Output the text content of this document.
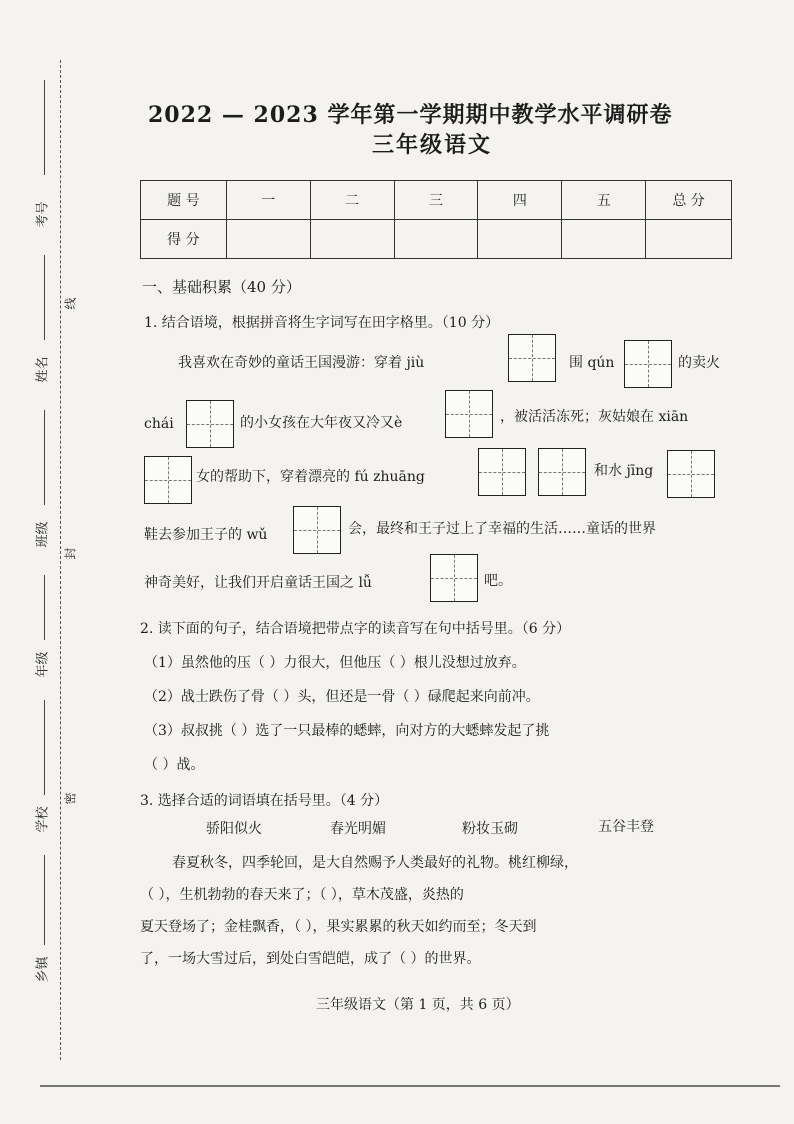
考号
姓名
班级
年级
学校
乡镇
线
封
密
2022 — 2023 学年第一学期期中教学水平调研卷
三年级语文
题 号	一	二	三	四	五	总 分
得 分						
一、基础积累（40 分）
1. 结合语境，根据拼音将生字词写在田字格里。（10 分）
我喜欢在奇妙的童话王国漫游：穿着 jiù	围 qún	的卖火
chái	的小女孩在大年夜又冷又è	，被活活冻死；灰姑娘在 xiān
女的帮助下，穿着漂亮的 fú zhuāng	和水 jīng
鞋去参加王子的 wǔ	会，最终和王子过上了幸福的生活……童话的世界
神奇美好，让我们开启童话王国之 lǚ	吧。
2. 读下面的句子，结合语境把带点字的读音写在句中括号里。（6 分）
（1）虽然他的压（ ）力很大，但他压（ ）根儿没想过放弃。
（2）战士跌伤了骨（ ）头，但还是一骨（ ）碌爬起来向前冲。
（3）叔叔挑（ ）选了一只最棒的蟋蟀，向对方的大蟋蟀发起了挑
（ ）战。
3. 选择合适的词语填在括号里。（4 分）
骄阳似火	春光明媚	粉妆玉砌	五谷丰登
春夏秋冬，四季轮回，是大自然赐予人类最好的礼物。桃红柳绿，
（ ），生机勃勃的春天来了；（ ），草木茂盛，炎热的
夏天登场了；金桂飘香，（ ），果实累累的秋天如约而至；冬天到
了，一场大雪过后，到处白雪皑皑，成了（ ）的世界。
三年级语文（第 1 页，共 6 页）
